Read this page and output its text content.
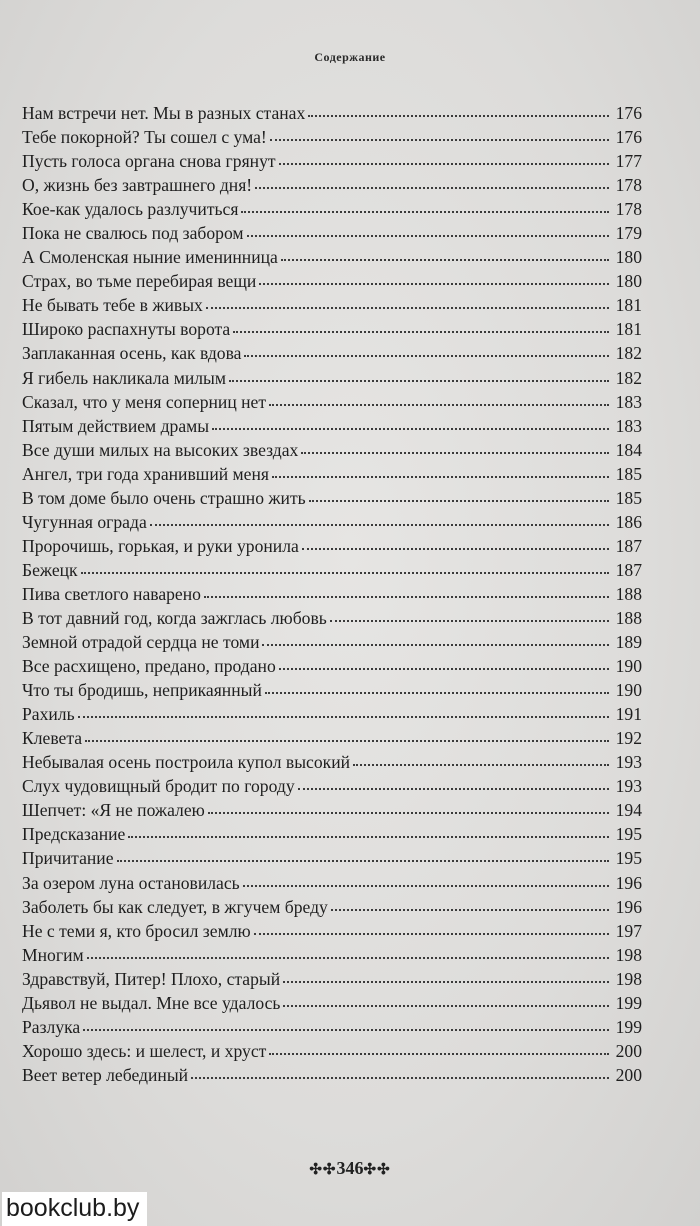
Содержание
Нам встречи нет. Мы в разных станах	176
Тебе покорной? Ты сошел с ума!	176
Пусть голоса органа снова грянут	177
О, жизнь без завтрашнего дня!	178
Кое-как удалось разлучиться	178
Пока не свалюсь под забором	179
А Смоленская ныние именинница	180
Страх, во тьме перебирая вещи	180
Не бывать тебе в живых	181
Широко распахнуты ворота	181
Заплаканная осень, как вдова	182
Я гибель накликала милым	182
Сказал, что у меня соперниц нет	183
Пятым действием драмы	183
Все души милых на высоких звездах	184
Ангел, три года хранивший меня	185
В том доме было очень страшно жить	185
Чугунная ограда	186
Пророчишь, горькая, и руки уронила	187
Бежецк	187
Пива светлого наварено	188
В тот давний год, когда зажглась любовь	188
Земной отрадой сердца не томи	189
Все расхищено, предано, продано	190
Что ты бродишь, неприкаянный	190
Рахиль	191
Клевета	192
Небывалая осень построила купол высокий	193
Слух чудовищный бродит по городу	193
Шепчет: «Я не пожалею	194
Предсказание	195
Причитание	195
За озером луна остановилась	196
Заболеть бы как следует, в жгучем бреду	196
Не с теми я, кто бросил землю	197
Многим	198
Здравствуй, Питер! Плохо, старый	198
Дьявол не выдал. Мне все удалось	199
Разлука	199
Хорошо здесь: и шелест, и хруст	200
Веет ветер лебединый	200
✣✣346✣✣
bookclub.by
